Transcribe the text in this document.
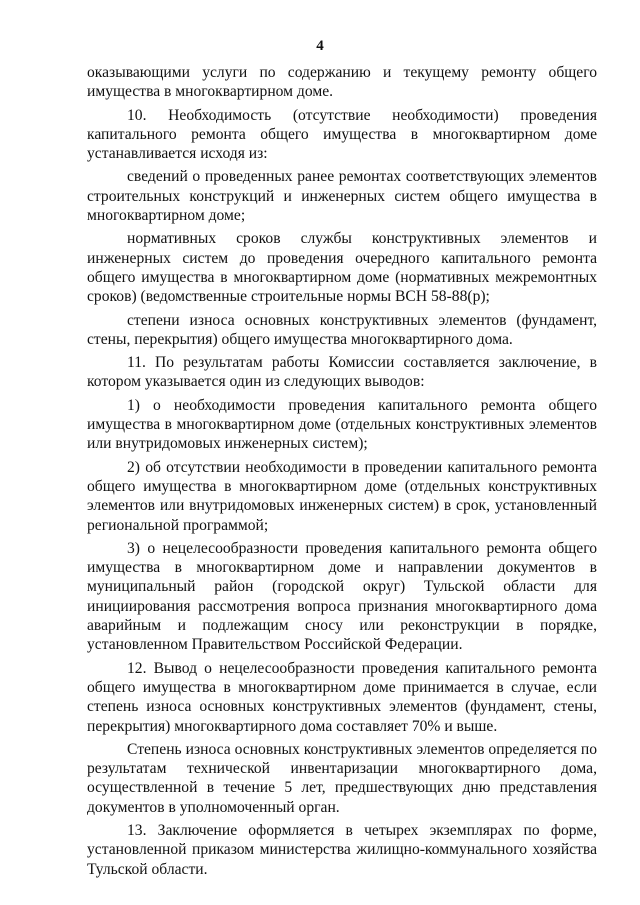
4

оказывающими услуги по содержанию и текущему ремонту общего имущества в многоквартирном доме.

10. Необходимость (отсутствие необходимости) проведения капитального ремонта общего имущества в многоквартирном доме устанавливается исходя из:

сведений о проведенных ранее ремонтах соответствующих элементов строительных конструкций и инженерных систем общего имущества в многоквартирном доме;

нормативных сроков службы конструктивных элементов и инженерных систем до проведения очередного капитального ремонта общего имущества в многоквартирном доме (нормативных межремонтных сроков) (ведомственные строительные нормы ВСН 58-88(р);

степени износа основных конструктивных элементов (фундамент, стены, перекрытия) общего имущества многоквартирного дома.

11. По результатам работы Комиссии составляется заключение, в котором указывается один из следующих выводов:

1) о необходимости проведения капитального ремонта общего имущества в многоквартирном доме (отдельных конструктивных элементов или внутридомовых инженерных систем);

2) об отсутствии необходимости в проведении капитального ремонта общего имущества в многоквартирном доме (отдельных конструктивных элементов или внутридомовых инженерных систем) в срок, установленный региональной программой;

3) о нецелесообразности проведения капитального ремонта общего имущества в многоквартирном доме и направлении документов в муниципальный район (городской округ) Тульской области для инициирования рассмотрения вопроса признания многоквартирного дома аварийным и подлежащим сносу или реконструкции в порядке, установленном Правительством Российской Федерации.

12. Вывод о нецелесообразности проведения капитального ремонта общего имущества в многоквартирном доме принимается в случае, если степень износа основных конструктивных элементов (фундамент, стены, перекрытия) многоквартирного дома составляет 70% и выше.

Степень износа основных конструктивных элементов определяется по результатам технической инвентаризации многоквартирного дома, осуществленной в течение 5 лет, предшествующих дню представления документов в уполномоченный орган.

13. Заключение оформляется в четырех экземплярах по форме, установленной приказом министерства жилищно-коммунального хозяйства Тульской области.
